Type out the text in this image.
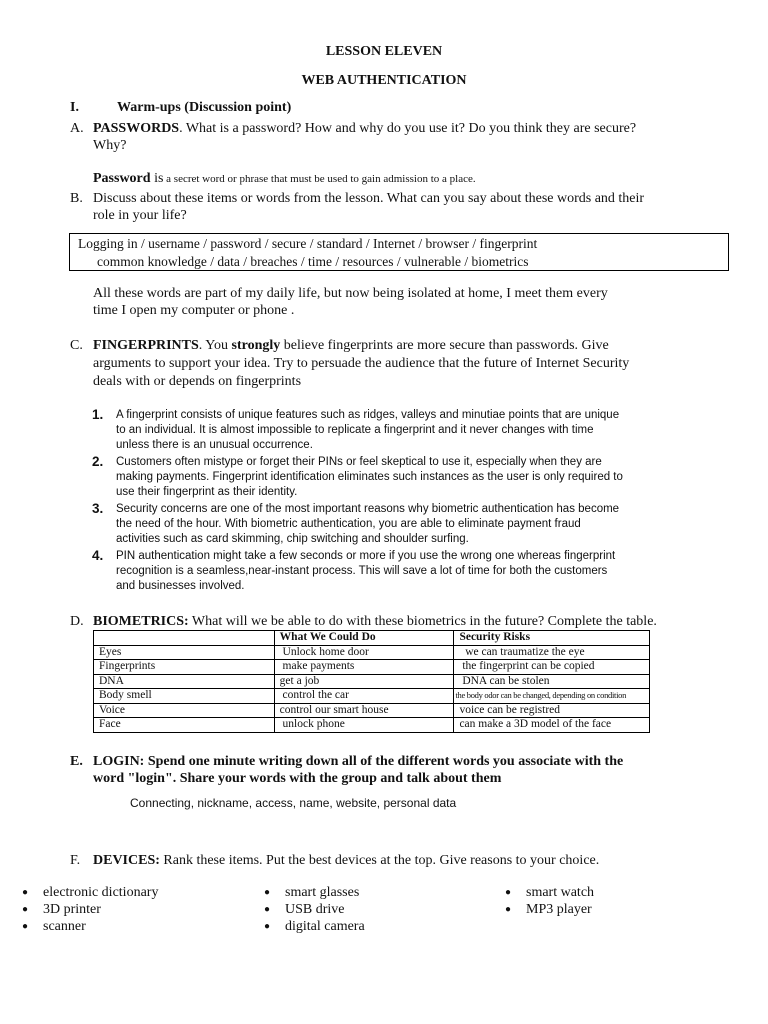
LESSON ELEVEN
WEB AUTHENTICATION
I.	Warm-ups (Discussion point)
A. PASSWORDS. What is a password? How and why do you use it? Do you think they are secure?
Why?
Password is a secret word or phrase that must be used to gain admission to a place.
B. Discuss about these items or words from the lesson. What can you say about these words and their
role in your life?
Logging in / username / password / secure / standard / Internet / browser / fingerprint
common knowledge / data / breaches / time / resources / vulnerable / biometrics
All these words are part of my daily life, but now being isolated at home, I meet them every
time I open my computer or phone .
C. FINGERPRINTS. You strongly believe fingerprints are more secure than passwords. Give
arguments to support your idea. Try to persuade the audience that the future of Internet Security
deals with or depends on fingerprints
1. A fingerprint consists of unique features such as ridges, valleys and minutiae points that are unique
to an individual. It is almost impossible to replicate a fingerprint and it never changes with time
unless there is an unusual occurrence.
2. Customers often mistype or forget their PINs or feel skeptical to use it, especially when they are
making payments. Fingerprint identification eliminates such instances as the user is only required to
use their fingerprint as their identity.
3. Security concerns are one of the most important reasons why biometric authentication has become
the need of the hour. With biometric authentication, you are able to eliminate payment fraud
activities such as card skimming, chip switching and shoulder surfing.
4. PIN authentication might take a few seconds or more if you use the wrong one whereas fingerprint
recognition is a seamless,near-instant process. This will save a lot of time for both the customers
and businesses involved.
D. BIOMETRICS: What will we be able to do with these biometrics in the future? Complete the table.
	What We Could Do	Security Risks
Eyes	Unlock home door	we can traumatize the eye
Fingerprints	make payments	the fingerprint can be copied
DNA	get a job	DNA can be stolen
Body smell	control the car	the body odor can be changed, depending on condition
Voice	control our smart house	voice can be registred
Face	unlock phone	can make a 3D model of the face
E. LOGIN: Spend one minute writing down all of the different words you associate with the
word "login". Share your words with the group and talk about them
Connecting, nickname, access, name, website, personal data
F. DEVICES: Rank these items. Put the best devices at the top. Give reasons to your choice.
● electronic dictionary
● 3D printer
● scanner
● smart glasses
● USB drive
● digital camera
● smart watch
● MP3 player
